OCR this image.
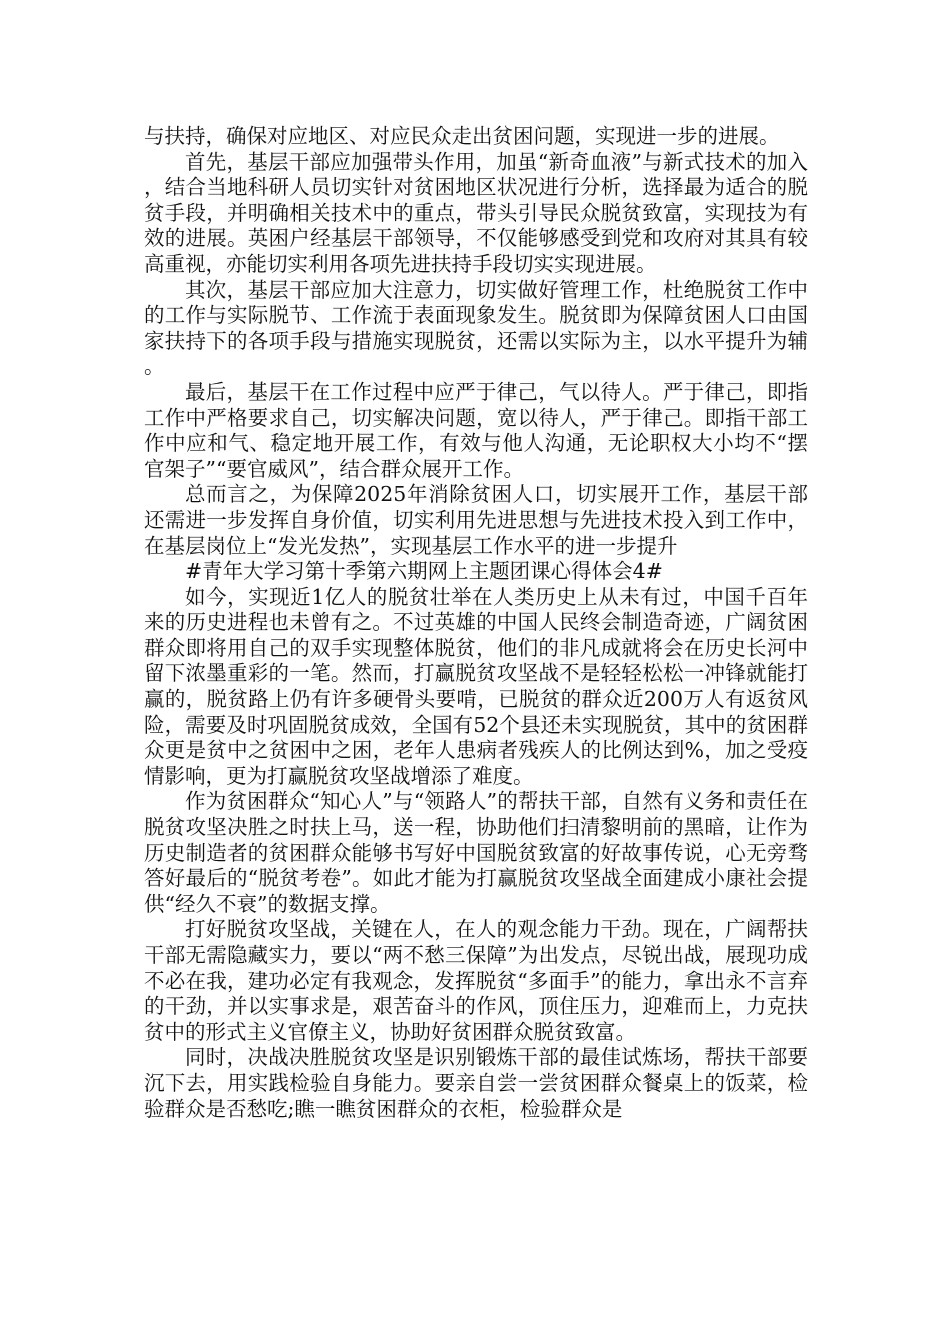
与扶持，确保对应地区、对应民众走出贫困问题，实现进一步的进展。

首先，基层干部应加强带头作用，加虽“新奇血液”与新式技术的加入，结合当地科研人员切实针对贫困地区状况进行分析，选择最为适合的脱贫手段，并明确相关技术中的重点，带头引导民众脱贫致富，实现技为有效的进展。英困户经基层干部领导，不仅能够感受到党和攻府对其具有较高重视，亦能切实利用各项先进扶持手段切实实现进展。

其次，基层干部应加大注意力，切实做好管理工作，杜绝脱贫工作中的工作与实际脱节、工作流于表面现象发生。脱贫即为保障贫困人口由国家扶持下的各项手段与措施实现脱贫，还需以实际为主，以水平提升为辅。

最后，基层干在工作过程中应严于律己，气以待人。严于律己，即指工作中严格要求自己，切实解决问题，宽以待人，严于律己。即指干部工作中应和气、稳定地开展工作，有效与他人沟通，无论职权大小均不“摆官架子”“要官威风”，结合群众展开工作。

总而言之，为保障2025年消除贫困人口，切实展开工作，基层干部还需进一步发挥自身价值，切实利用先进思想与先进技术投入到工作中，在基层岗位上“发光发热”，实现基层工作水平的进一步提升

#青年大学习第十季第六期网上主题团课心得体会4#

如今，实现近1亿人的脱贫壮举在人类历史上从未有过，中国千百年来的历史进程也未曾有之。不过英雄的中国人民终会制造奇迹，广阔贫困群众即将用自己的双手实现整体脱贫，他们的非凡成就将会在历史长河中留下浓墨重彩的一笔。然而，打赢脱贫攻坚战不是轻轻松松一冲锋就能打赢的，脱贫路上仍有许多硬骨头要啃，已脱贫的群众近200万人有返贫风险，需要及时巩固脱贫成效，全国有52个县还未实现脱贫，其中的贫困群众更是贫中之贫困中之困，老年人患病者残疾人的比例达到%，加之受疫情影响，更为打赢脱贫攻坚战增添了难度。

作为贫困群众“知心人”与“领路人”的帮扶干部，自然有义务和责任在脱贫攻坚决胜之时扶上马，送一程，协助他们扫清黎明前的黑暗，让作为历史制造者的贫困群众能够书写好中国脱贫致富的好故事传说，心无旁骛答好最后的“脱贫考卷”。如此才能为打赢脱贫攻坚战全面建成小康社会提供“经久不衰”的数据支撑。

打好脱贫攻坚战，关键在人，在人的观念能力干劲。现在，广阔帮扶干部无需隐藏实力，要以“两不愁三保障”为出发点，尽锐出战，展现功成不必在我，建功必定有我观念，发挥脱贫“多面手”的能力，拿出永不言弃的干劲，并以实事求是，艰苦奋斗的作风，顶住压力，迎难而上，力克扶贫中的形式主义官僚主义，协助好贫困群众脱贫致富。

同时，决战决胜脱贫攻坚是识别锻炼干部的最佳试炼场，帮扶干部要沉下去，用实践检验自身能力。要亲自尝一尝贫困群众餐桌上的饭菜，检验群众是否愁吃;瞧一瞧贫困群众的衣柜，检验群众是
